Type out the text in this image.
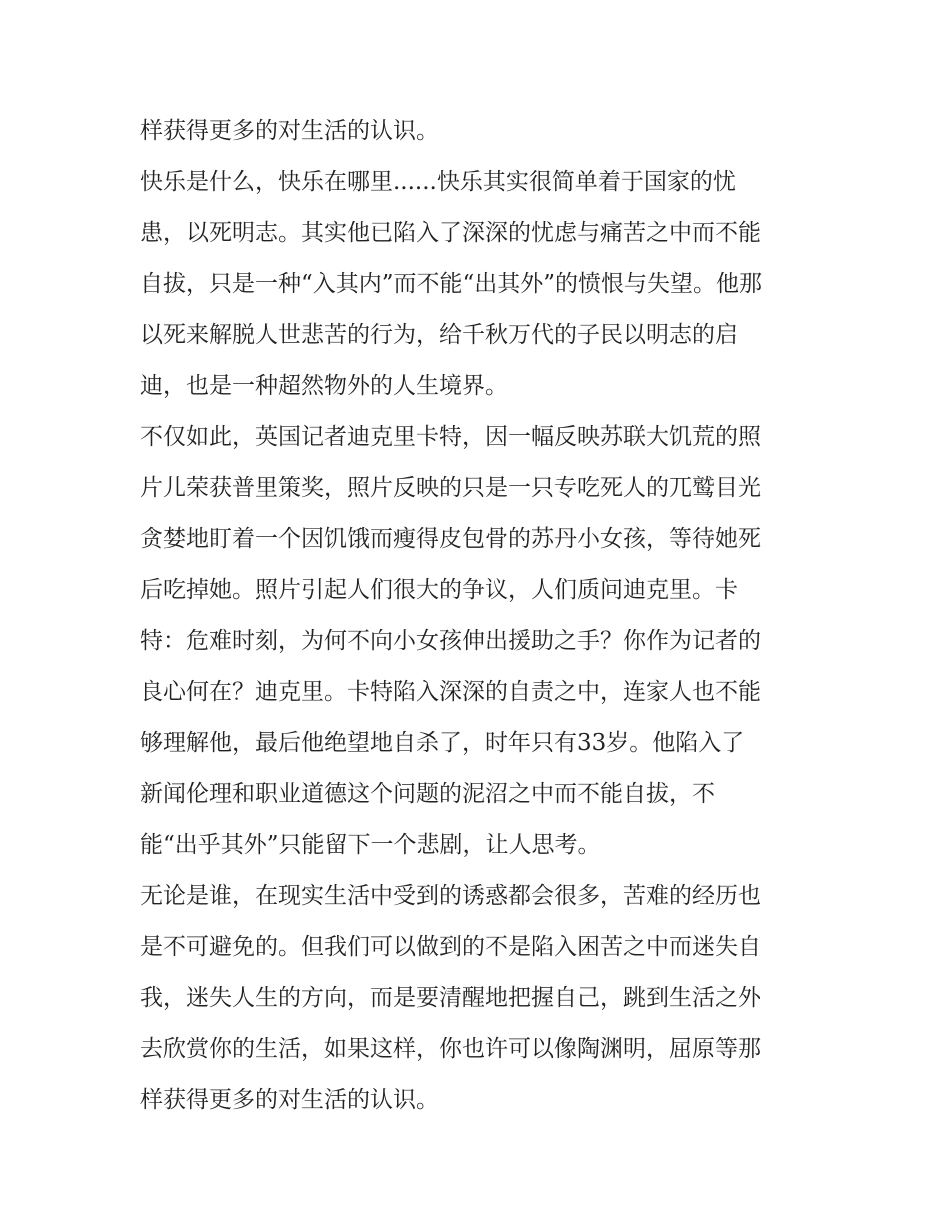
样获得更多的对生活的认识。
快乐是什么，快乐在哪里......快乐其实很简单着于国家的忧
患，以死明志。其实他已陷入了深深的忧虑与痛苦之中而不能
自拔，只是一种“入其内”而不能“出其外”的愤恨与失望。他那
以死来解脱人世悲苦的行为，给千秋万代的子民以明志的启
迪，也是一种超然物外的人生境界。
不仅如此，英国记者迪克里卡特，因一幅反映苏联大饥荒的照
片儿荣获普里策奖，照片反映的只是一只专吃死人的兀鹫目光
贪婪地盯着一个因饥饿而瘦得皮包骨的苏丹小女孩，等待她死
后吃掉她。照片引起人们很大的争议，人们质问迪克里。卡
特：危难时刻，为何不向小女孩伸出援助之手？你作为记者的
良心何在？迪克里。卡特陷入深深的自责之中，连家人也不能
够理解他，最后他绝望地自杀了，时年只有33岁。他陷入了
新闻伦理和职业道德这个问题的泥沼之中而不能自拔，不
能“出乎其外”只能留下一个悲剧，让人思考。
无论是谁，在现实生活中受到的诱惑都会很多，苦难的经历也
是不可避免的。但我们可以做到的不是陷入困苦之中而迷失自
我，迷失人生的方向，而是要清醒地把握自己，跳到生活之外
去欣赏你的生活，如果这样，你也许可以像陶渊明，屈原等那
样获得更多的对生活的认识。
